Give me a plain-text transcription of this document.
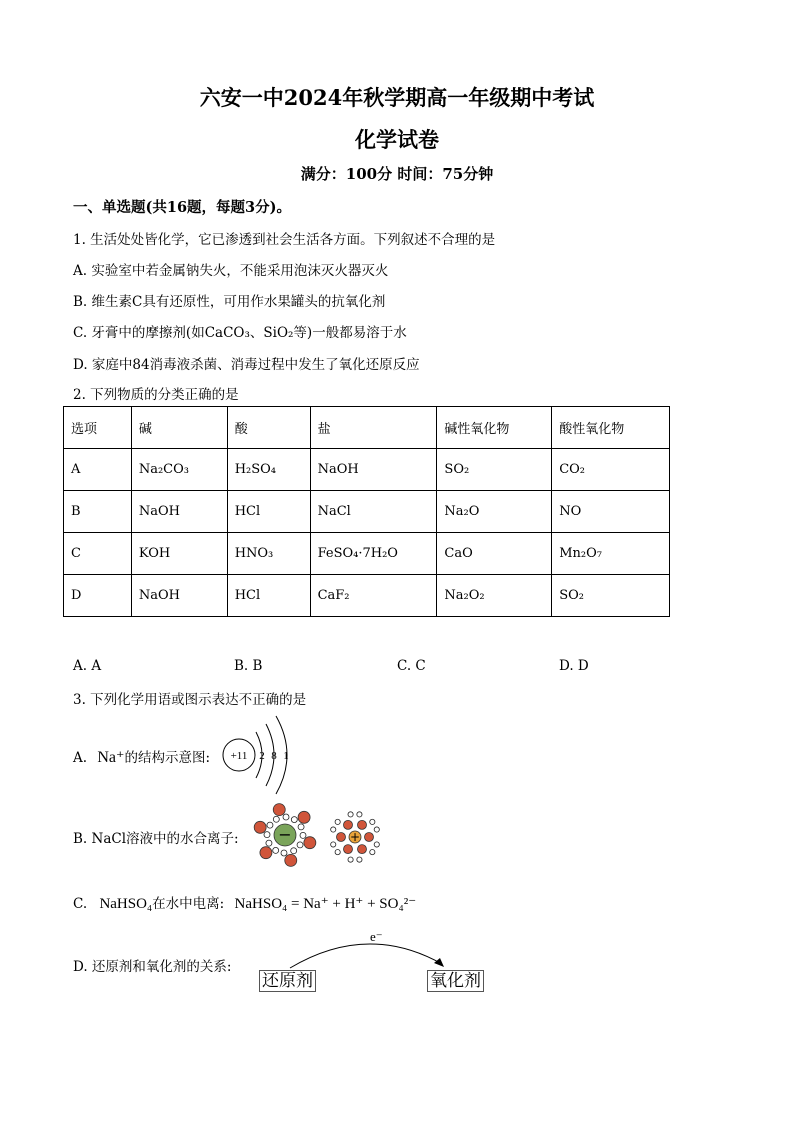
六安一中2024年秋学期高一年级期中考试
化学试卷
满分：100分 时间：75分钟
一、单选题(共16题，每题3分)。
1. 生活处处皆化学，它已渗透到社会生活各方面。下列叙述不合理的是
A. 实验室中若金属钠失火，不能采用泡沫灭火器灭火
B. 维生素C具有还原性，可用作水果罐头的抗氧化剂
C. 牙膏中的摩擦剂(如CaCO₃、SiO₂等)一般都易溶于水
D. 家庭中84消毒液杀菌、消毒过程中发生了氧化还原反应
2. 下列物质的分类正确的是
选项	碱	酸	盐	碱性氧化物	酸性氧化物
A	Na₂CO₃	H₂SO₄	NaOH	SO₂	CO₂
B	NaOH	HCl	NaCl	Na₂O	NO
C	KOH	HNO₃	FeSO₄·7H₂O	CaO	Mn₂O₇
D	NaOH	HCl	CaF₂	Na₂O₂	SO₂
A. A	B. B	C. C	D. D
3. 下列化学用语或图示表达不正确的是
A. Na⁺的结构示意图: +11 2 8 1
B. NaCl溶液中的水合离子: −	+
C. NaHSO₄在水中电离: NaHSO₄ = Na⁺ + H⁺ + SO₄²⁻
D. 还原剂和氧化剂的关系:
e⁻
还原剂	氧化剂
